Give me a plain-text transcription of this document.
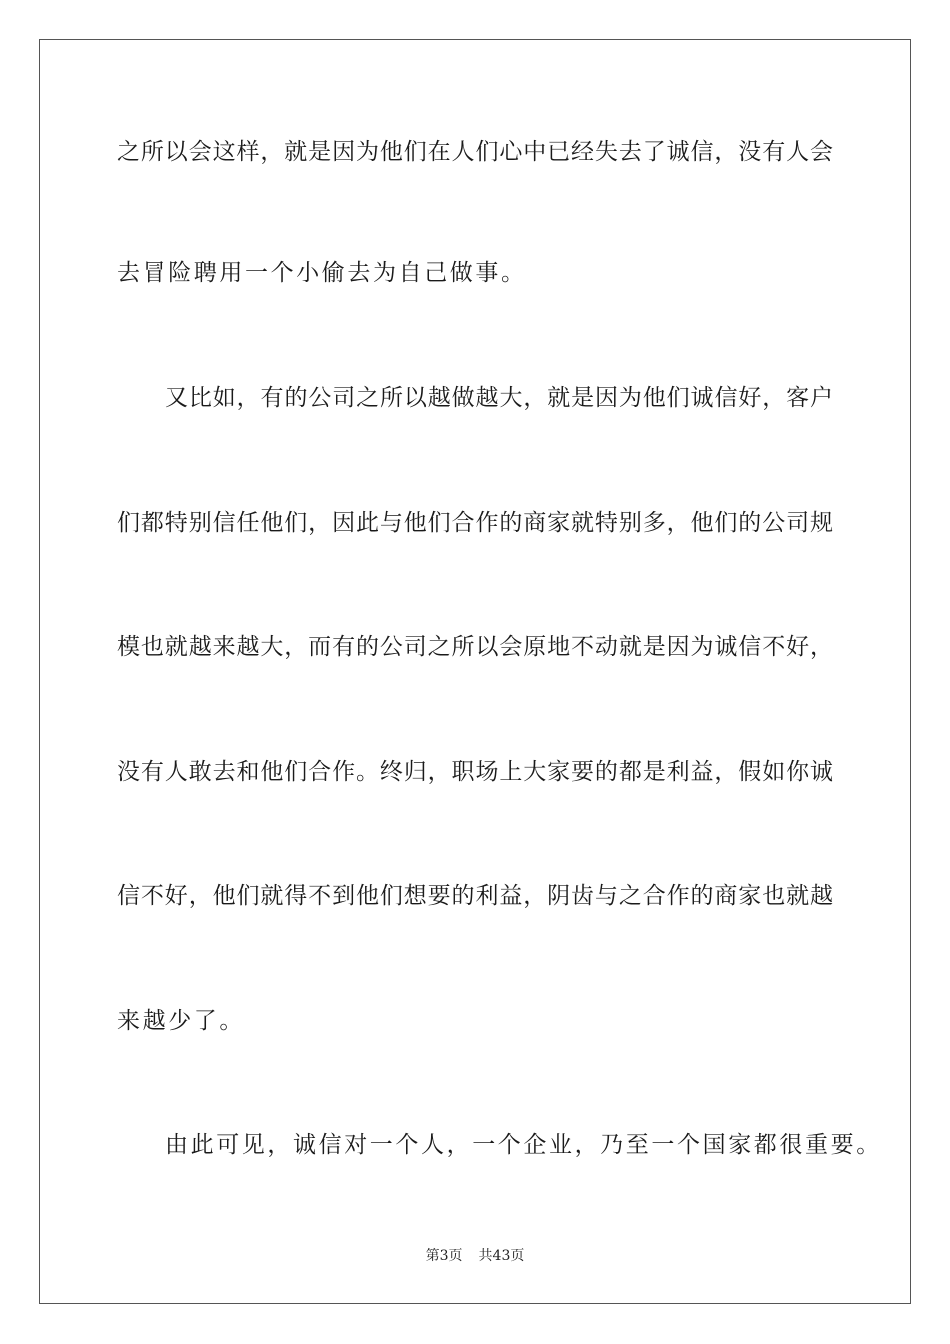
之所以会这样，就是因为他们在人们心中已经失去了诚信，没有人会
去冒险聘用一个小偷去为自己做事。
又比如，有的公司之所以越做越大，就是因为他们诚信好，客户
们都特别信任他们，因此与他们合作的商家就特别多，他们的公司规
模也就越来越大，而有的公司之所以会原地不动就是因为诚信不好，
没有人敢去和他们合作。终归，职场上大家要的都是利益，假如你诚
信不好，他们就得不到他们想要的利益，阴齿与之合作的商家也就越
来越少了。
由此可见，诚信对一个人，一个企业，乃至一个国家都很重要。
第3页 共43页
